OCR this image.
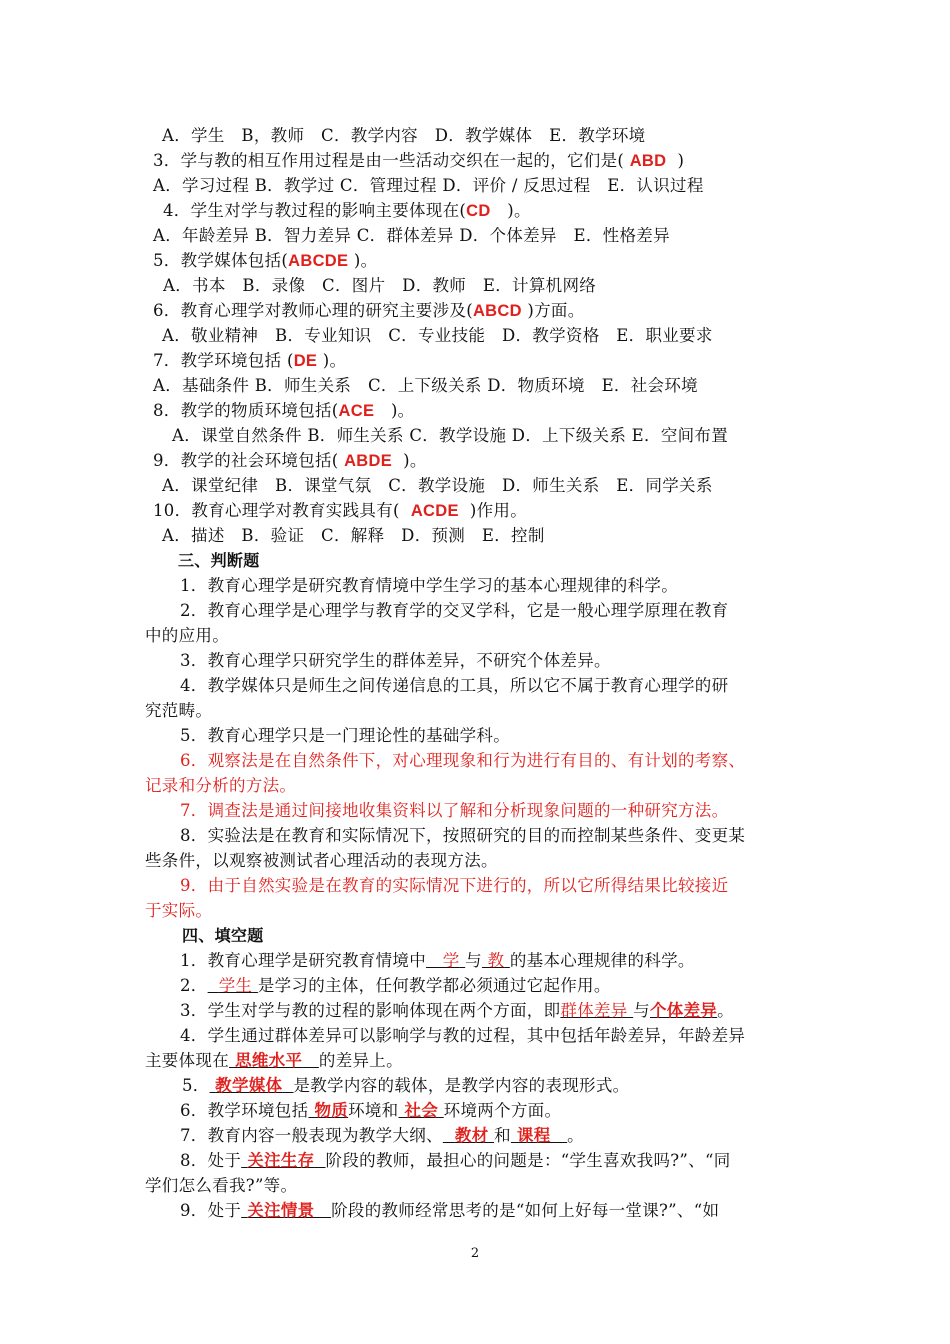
A．学生　B，教师　C．教学内容　D．教学媒体　E．教学环境
3．学与教的相互作用过程是由一些活动交织在一起的，它们是( ABD )
A．学习过程 B．教学过 C．管理过程 D．评价 / 反思过程　E．认识过程
4．学生对学与教过程的影响主要体现在(CD )。
A．年龄差异 B．智力差异 C．群体差异 D．个体差异　E．性格差异
5．教学媒体包括(ABCDE )。
A．书本　B．录像　C．图片　D．教师　E．计算机网络
6．教育心理学对教师心理的研究主要涉及(ABCD )方面。
A．敬业精神　B．专业知识　C．专业技能　D．教学资格　E．职业要求
7．教学环境包括 (DE )。
A．基础条件 B．师生关系　C．上下级关系 D．物质环境　E．社会环境
8．教学的物质环境包括(ACE )。
A．课堂自然条件 B．师生关系 C．教学设施 D．上下级关系 E．空间布置
9．教学的社会环境包括( ABDE )。
A．课堂纪律　B．课堂气氛　C．教学设施　D．师生关系　E．同学关系
10．教育心理学对教育实践具有( ACDE )作用。
A．描述　B．验证　C．解释　D．预测　E．控制
三、判断题
1．教育心理学是研究教育情境中学生学习的基本心理规律的科学。
2．教育心理学是心理学与教育学的交叉学科，它是一般心理学原理在教育
中的应用。
3．教育心理学只研究学生的群体差异，不研究个体差异。
4．教学媒体只是师生之间传递信息的工具，所以它不属于教育心理学的研
究范畴。
5．教育心理学只是一门理论性的基础学科。
6．观察法是在自然条件下，对心理现象和行为进行有目的、有计划的考察、
记录和分析的方法。
7．调查法是通过间接地收集资料以了解和分析现象问题的一种研究方法。
8．实验法是在教育和实际情况下，按照研究的目的而控制某些条件、变更某
些条件，以观察被测试者心理活动的表现方法。
9．由于自然实验是在教育的实际情况下进行的，所以它所得结果比较接近
于实际。
四、填空题
1．教育心理学是研究教育情境中　学 与 教 的基本心理规律的科学。
2． 学生 是学习的主体，任何教学都必须通过它起作用。
3．学生对学与教的过程的影响体现在两个方面，即群体差异 与个体差异。
4．学生通过群体差异可以影响学与教的过程，其中包括年龄差异，年龄差异
主要体现在 思维水平 的差异上。
5． 教学媒体 是教学内容的载体，是教学内容的表现形式。
6．教学环境包括 物质环境和 社会 环境两个方面。
7．教育内容一般表现为教学大纲、 教材 和 课程 。
8．处于 关注生存 阶段的教师，最担心的问题是：“学生喜欢我吗?”、“同
学们怎么看我?”等。
9．处于 关注情景 阶段的教师经常思考的是“如何上好每一堂课?”、“如
2
